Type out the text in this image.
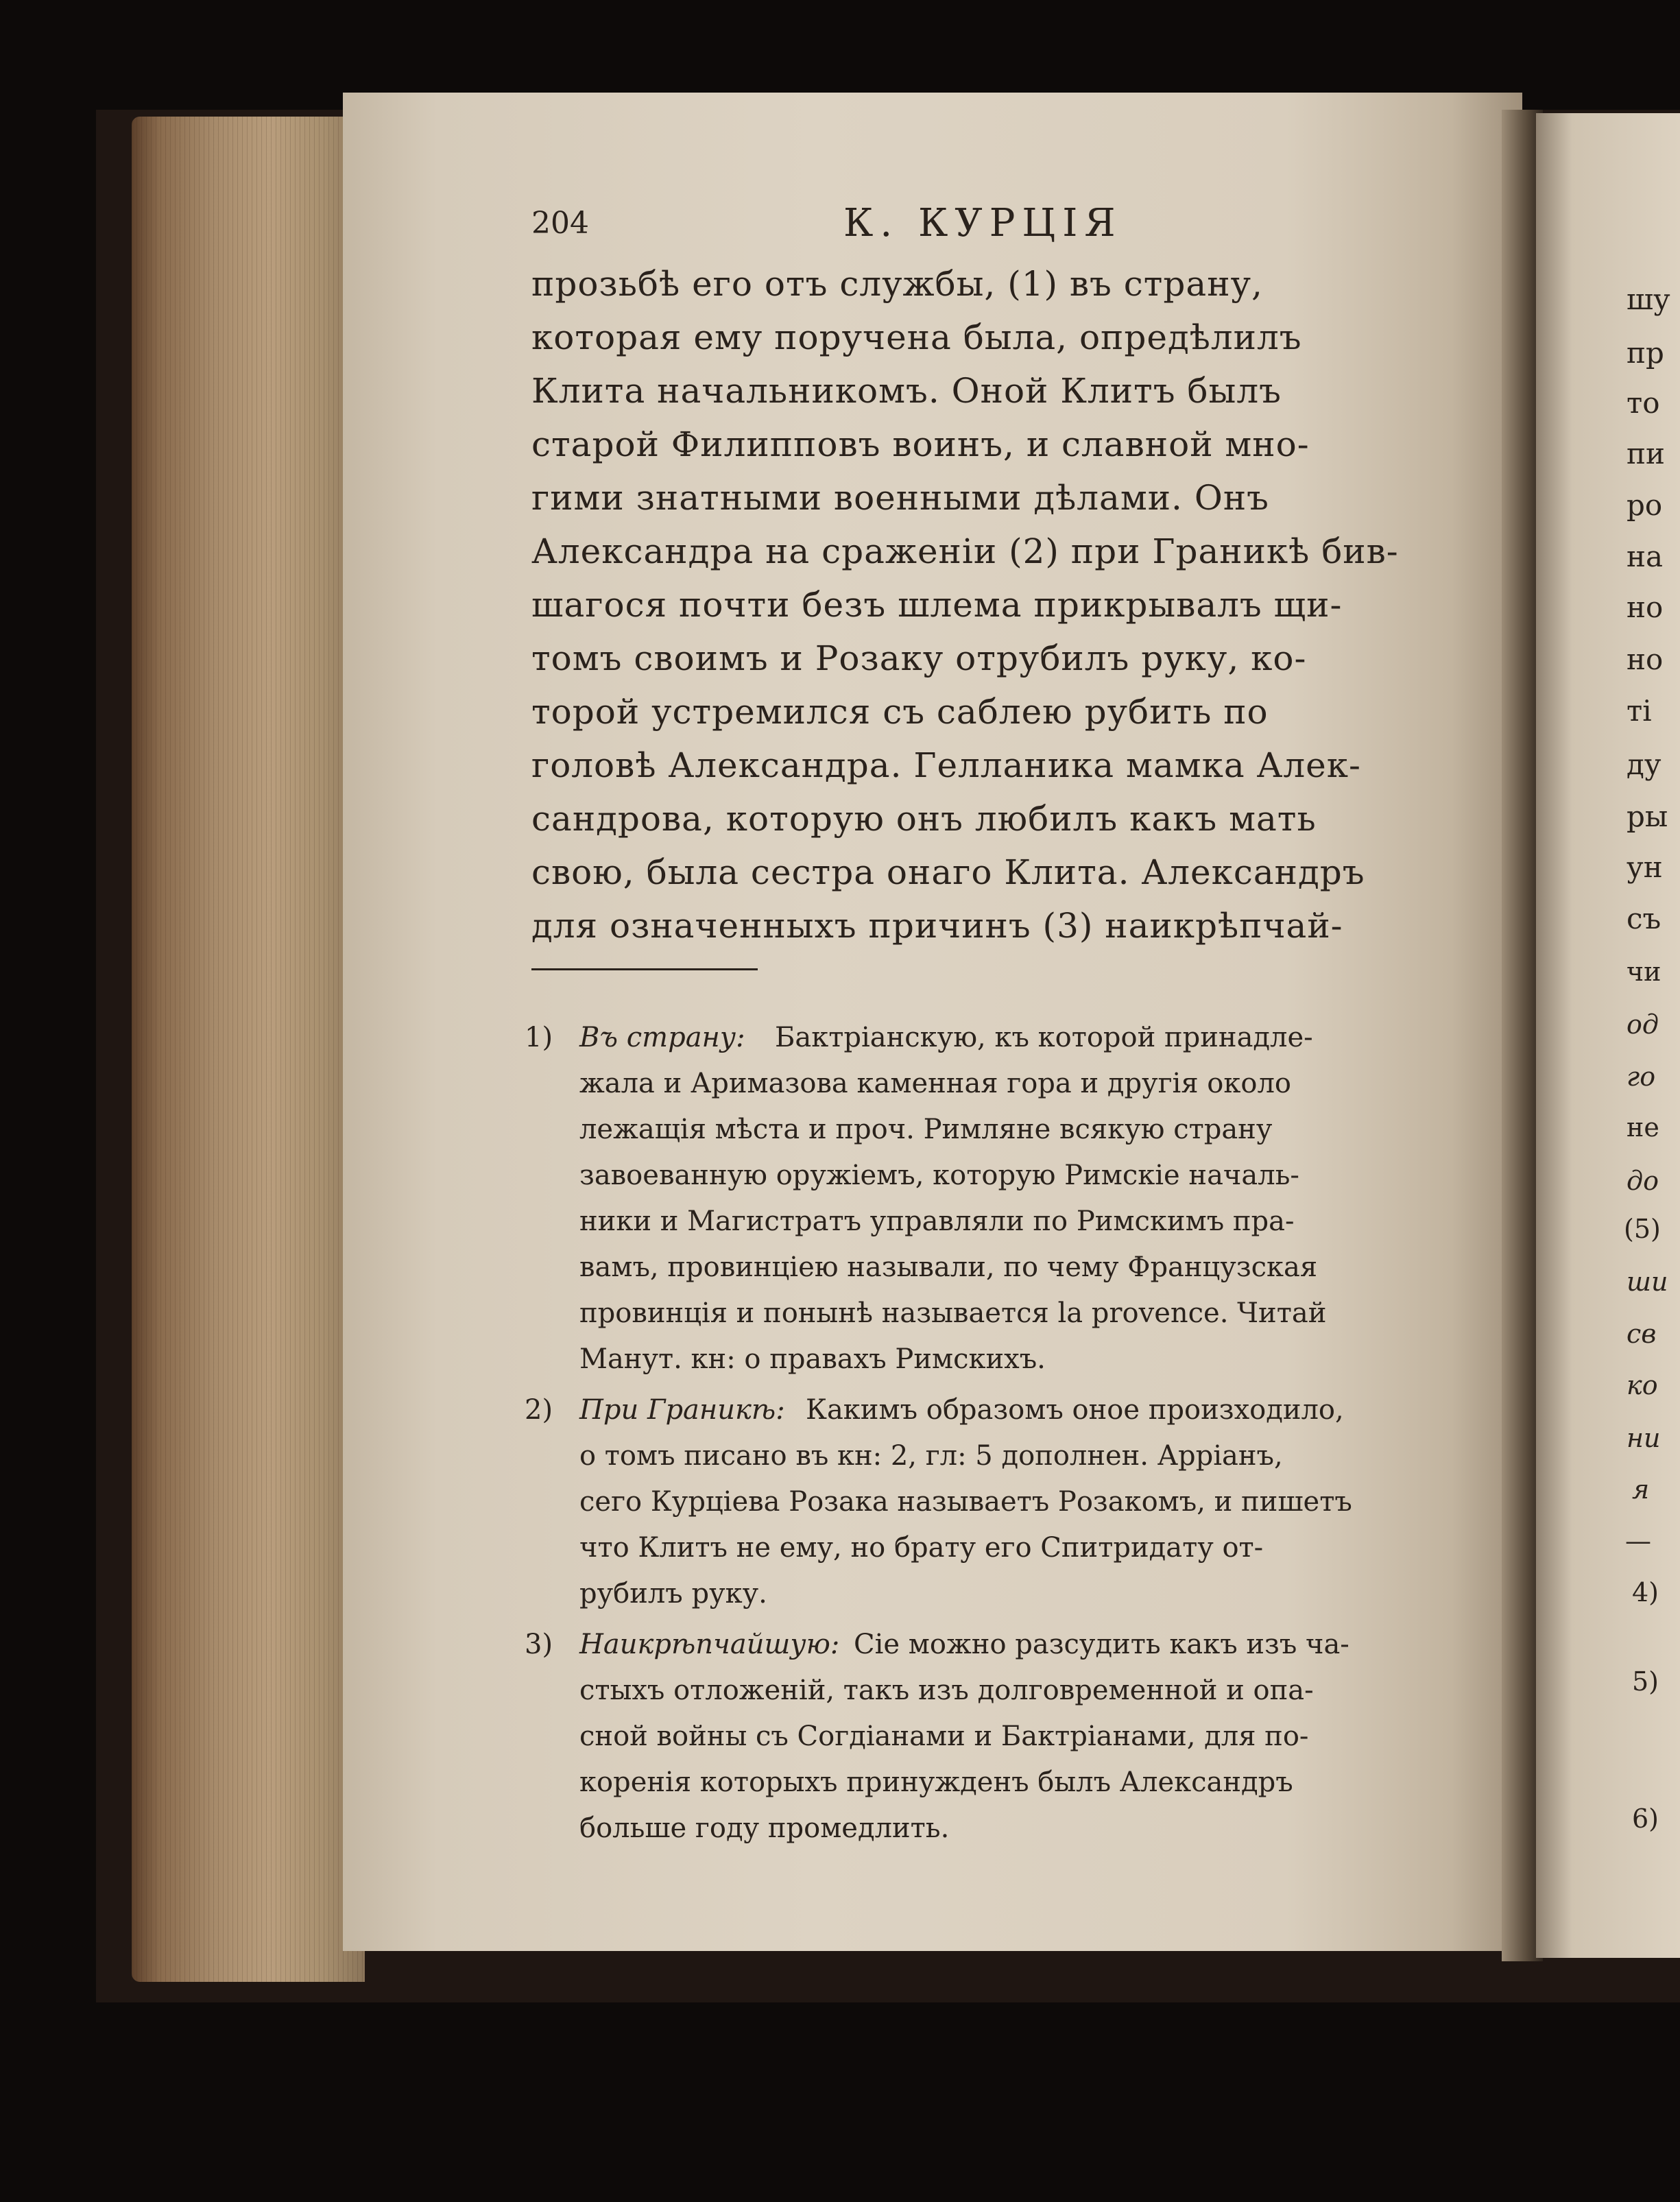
204	К. КУРЦІЯ
прозьбѣ его отъ службы, (1) въ страну,
которая ему поручена была, опредѣлилъ
Клита начальникомъ. Оной Клитъ былъ
старой Филипповъ воинъ, и славной мно-
гими знатными военными дѣлами. Онъ
Александра на сраженіи (2) при Граникѣ бив-
шагося почти безъ шлема прикрывалъ щи-
томъ своимъ и Розаку отрубилъ руку, ко-
торой устремился съ саблею рубить по
головѣ Александра. Гелланика мамка Алек-
сандрова, которую онъ любилъ какъ мать
свою, была сестра онаго Клита. Александръ
для означенныхъ причинъ (3) наикрѣпчай-
1) Въ страну: Бактріанскую, къ которой принадле-
жала и Аримазова каменная гора и другія около
лежащія мѣста и проч. Римляне всякую страну
завоеванную оружіемъ, которую Римскіе началь-
ники и Магистратъ управляли по Римскимъ пра-
вамъ, провинціею называли, по чему Французская
провинція и понынѣ называется la provence. Читай
Манут. кн: о правахъ Римскихъ.
2) При Граникѣ: Какимъ образомъ оное произходило,
о томъ писано въ кн: 2, гл: 5 дополнен. Арріанъ,
сего Курціева Розака называетъ Розакомъ, и пишетъ
что Клитъ не ему, но брату его Спитридату от-
рубилъ руку.
3) Наикрѣпчайшую: Сіе можно разсудить какъ изъ ча-
стыхъ отложеній, такъ изъ долговременной и опа-
сной войны съ Согдіанами и Бактріанами, для по-
коренія которыхъ принужденъ былъ Александръ
больше году промедлить.
шу
пр
то
пи
ро
на
но
но
ті
ду
ры
ун
съ
чи
од
го
не
до
(5)
ши
св
ко
ни
я
—
4)
5)
6)
